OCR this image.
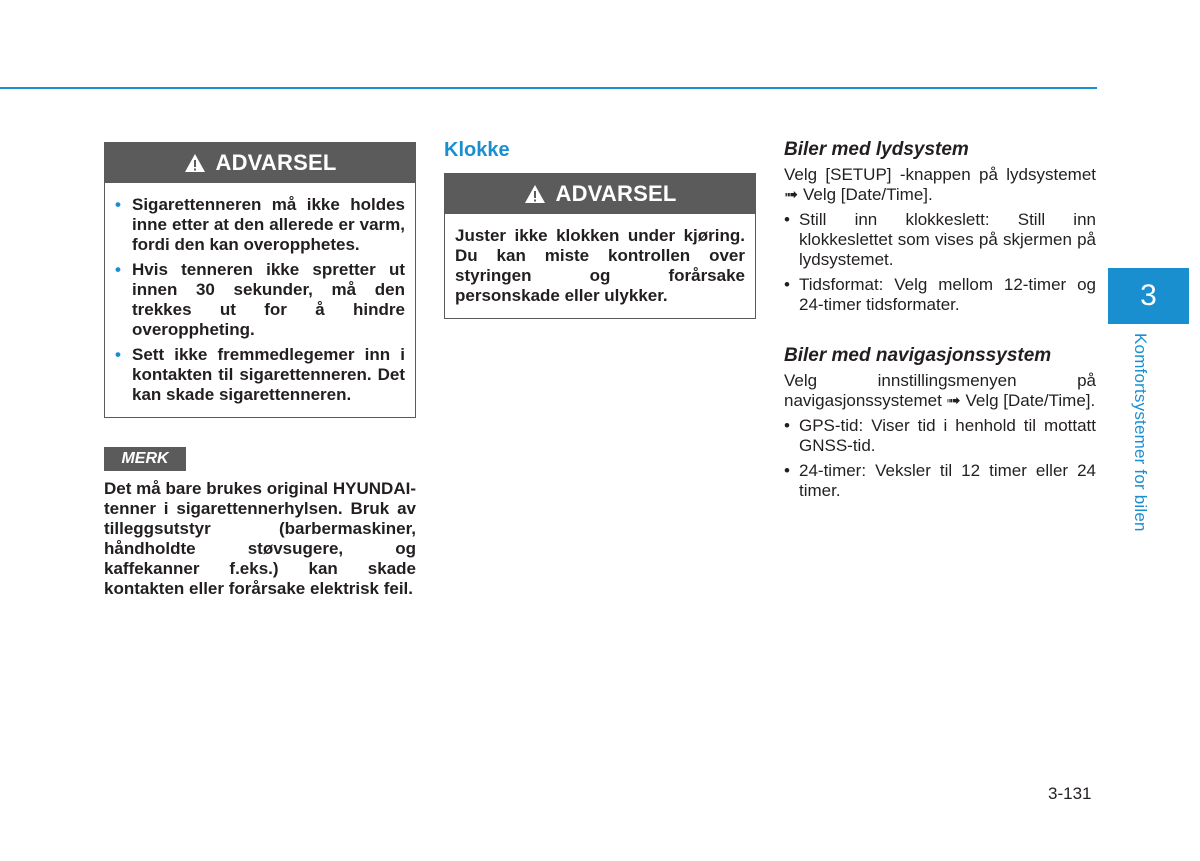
ADVARSEL
• Sigarettenneren må ikke holdes inne etter at den allerede er varm, fordi den kan overopphetes.
• Hvis tenneren ikke spretter ut innen 30 sekunder, må den trekkes ut for å hindre overoppheting.
• Sett ikke fremmedlegemer inn i kontakten til sigarettenneren. Det kan skade sigarettenneren.
MERK
Det må bare brukes original HYUNDAI-tenner i sigarettennerhylsen. Bruk av tilleggsutstyr (barbermaskiner, håndholdte støvsugere, og kaffekanner f.eks.) kan skade kontakten eller forårsake elektrisk feil.
Klokke
ADVARSEL
Juster ikke klokken under kjøring. Du kan miste kontrollen over styringen og forårsake personskade eller ulykker.
Biler med lydsystem

Velg [SETUP] -knappen på lydsystemet ➟ Velg [Date/Time].

• Still inn klokkeslett: Still inn klokkeslettet som vises på skjermen på lydsystemet.
• Tidsformat: Velg mellom 12-timer og 24-timer tidsformater.
Biler med navigasjonssystem

Velg innstillingsmenyen på navigasjonssystemet ➟ Velg [Date/Time].

• GPS-tid: Viser tid i henhold til mottatt GNSS-tid.
• 24-timer: Veksler til 12 timer eller 24 timer.
3
Komfortsystemer for bilen
3-131
